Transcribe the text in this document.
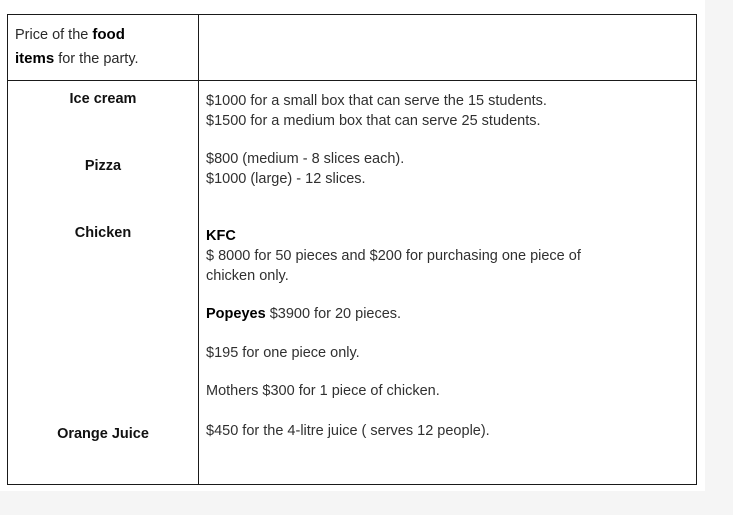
Price of the food
items for the party.
Ice cream	$1000 for a small box that can serve the 15 students.
$1500 for a medium box that can serve 25 students.
Pizza	$800 (medium - 8 slices each).
$1000 (large) - 12 slices.
Chicken	KFC
$ 8000 for 50 pieces and $200 for purchasing one piece of
chicken only.
Popeyes $3900 for 20 pieces.
$195 for one piece only.
Mothers $300 for 1 piece of chicken.
Orange Juice	$450 for the 4-litre juice ( serves 12 people).
